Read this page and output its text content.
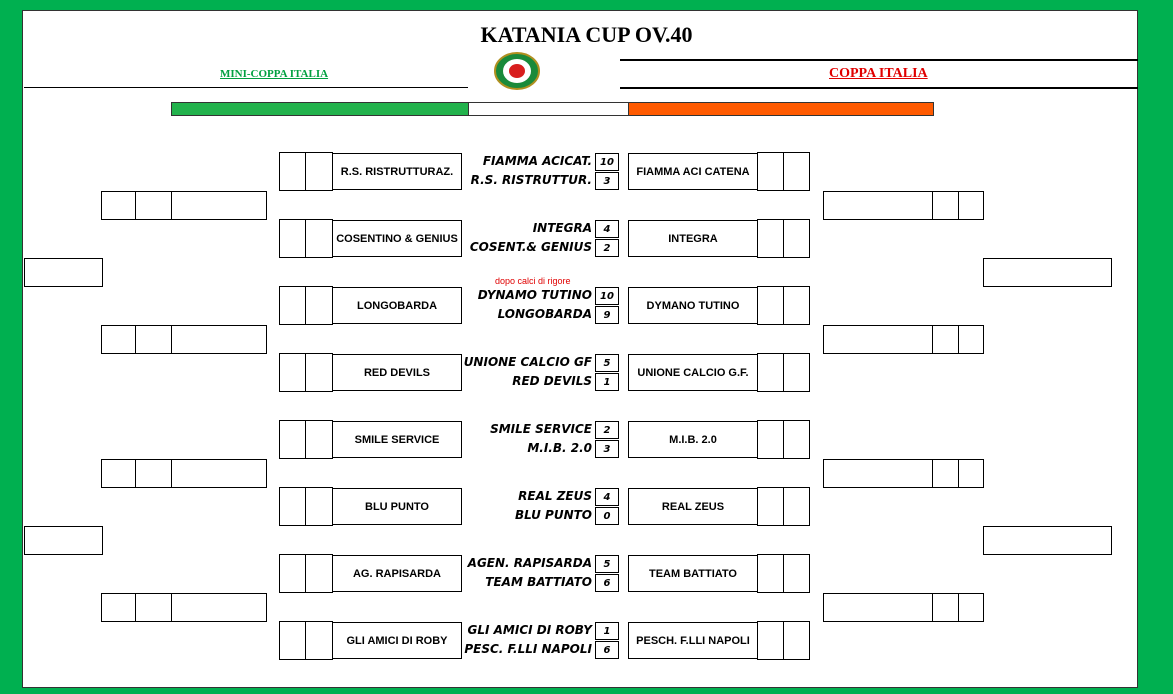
KATANIA CUP OV.40
MINI-COPPA ITALIA	COPPA ITALIA
R.S. RISTRUTTURAZ.
FIAMMA ACICAT.
R.S. RISTRUTTUR.
10
3
FIAMMA ACI CATENA
COSENTINO & GENIUS
INTEGRA
COSENT.& GENIUS
4
2
INTEGRA
LONGOBARDA
DYNAMO TUTINO
LONGOBARDA
10
9
DYMANO TUTINO
dopo calci di rigore
RED DEVILS
UNIONE CALCIO GF
RED DEVILS
5
1
UNIONE CALCIO G.F.
SMILE SERVICE
SMILE SERVICE
M.I.B. 2.0
2
3
M.I.B. 2.0
BLU PUNTO
REAL ZEUS
BLU PUNTO
4
0
REAL ZEUS
AG. RAPISARDA
AGEN. RAPISARDA
TEAM BATTIATO
5
6
TEAM BATTIATO
GLI AMICI DI ROBY
GLI AMICI DI ROBY
PESC. F.LLI NAPOLI
1
6
PESCH. F.LLI NAPOLI
